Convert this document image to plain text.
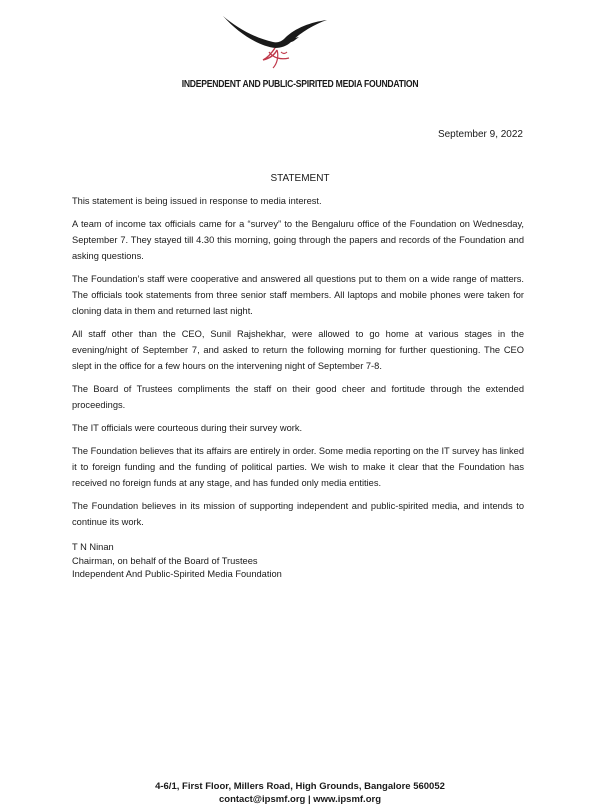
INDEPENDENT AND PUBLIC-SPIRITED MEDIA FOUNDATION
September 9, 2022
STATEMENT

This statement is being issued in response to media interest.

A team of income tax officials came for a “survey” to the Bengaluru office of the Foundation on Wednesday, September 7. They stayed till 4.30 this morning, going through the papers and records of the Foundation and asking questions.

The Foundation’s staff were cooperative and answered all questions put to them on a wide range of matters. The officials took statements from three senior staff members. All laptops and mobile phones were taken for cloning data in them and returned last night.

All staff other than the CEO, Sunil Rajshekhar, were allowed to go home at various stages in the evening/night of September 7, and asked to return the following morning for further questioning. The CEO slept in the office for a few hours on the intervening night of September 7-8.

The Board of Trustees compliments the staff on their good cheer and fortitude through the extended proceedings.

The IT officials were courteous during their survey work.

The Foundation believes that its affairs are entirely in order. Some media reporting on the IT survey has linked it to foreign funding and the funding of political parties. We wish to make it clear that the Foundation has received no foreign funds at any stage, and has funded only media entities.

The Foundation believes in its mission of supporting independent and public-spirited media, and intends to continue its work.

T N Ninan
Chairman, on behalf of the Board of Trustees
Independent And Public-Spirited Media Foundation
4-6/1, First Floor, Millers Road, High Grounds, Bangalore 560052
contact@ipsmf.org | www.ipsmf.org
